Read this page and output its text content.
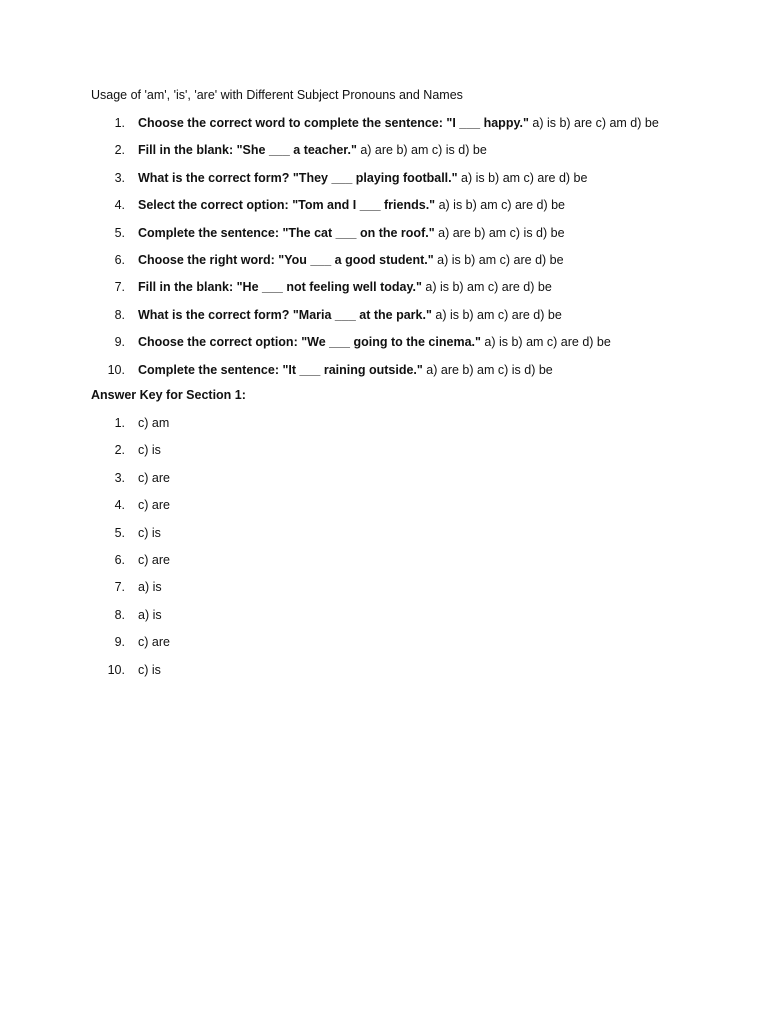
Usage of 'am', 'is', 'are' with Different Subject Pronouns and Names
1. Choose the correct word to complete the sentence: "I ___ happy." a) is b) are c) am d) be
2. Fill in the blank: "She ___ a teacher." a) are b) am c) is d) be
3. What is the correct form? "They ___ playing football." a) is b) am c) are d) be
4. Select the correct option: "Tom and I ___ friends." a) is b) am c) are d) be
5. Complete the sentence: "The cat ___ on the roof." a) are b) am c) is d) be
6. Choose the right word: "You ___ a good student." a) is b) am c) are d) be
7. Fill in the blank: "He ___ not feeling well today." a) is b) am c) are d) be
8. What is the correct form? "Maria ___ at the park." a) is b) am c) are d) be
9. Choose the correct option: "We ___ going to the cinema." a) is b) am c) are d) be
10. Complete the sentence: "It ___ raining outside." a) are b) am c) is d) be
Answer Key for Section 1:
1. c) am
2. c) is
3. c) are
4. c) are
5. c) is
6. c) are
7. a) is
8. a) is
9. c) are
10. c) is
